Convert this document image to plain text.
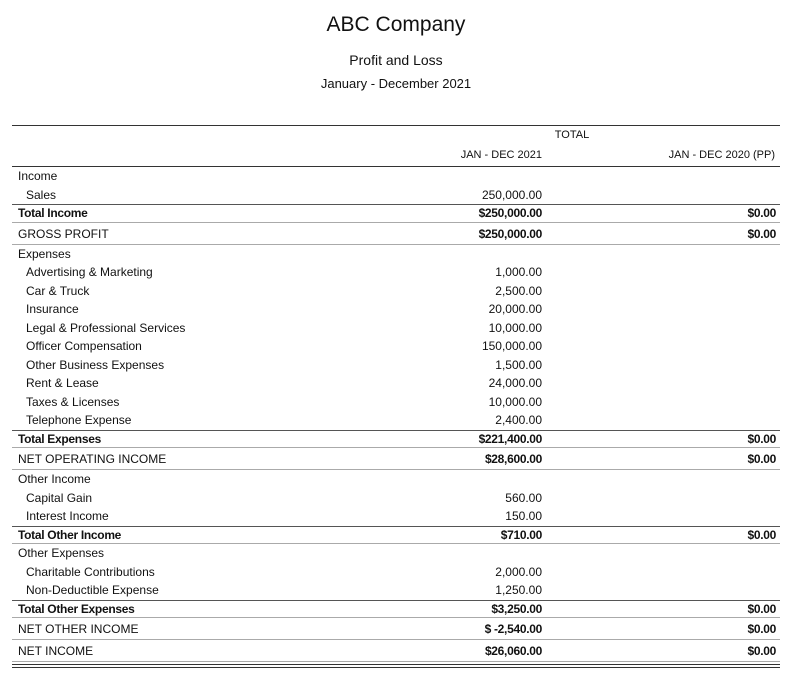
ABC Company
Profit and Loss
January - December 2021
TOTAL
JAN - DEC 2021	JAN - DEC 2020 (PP)
Income
Sales	250,000.00
Total Income	$250,000.00	$0.00
GROSS PROFIT	$250,000.00	$0.00
Expenses
Advertising & Marketing	1,000.00
Car & Truck	2,500.00
Insurance	20,000.00
Legal & Professional Services	10,000.00
Officer Compensation	150,000.00
Other Business Expenses	1,500.00
Rent & Lease	24,000.00
Taxes & Licenses	10,000.00
Telephone Expense	2,400.00
Total Expenses	$221,400.00	$0.00
NET OPERATING INCOME	$28,600.00	$0.00
Other Income
Capital Gain	560.00
Interest Income	150.00
Total Other Income	$710.00	$0.00
Other Expenses
Charitable Contributions	2,000.00
Non-Deductible Expense	1,250.00
Total Other Expenses	$3,250.00	$0.00
NET OTHER INCOME	$ -2,540.00	$0.00
NET INCOME	$26,060.00	$0.00
